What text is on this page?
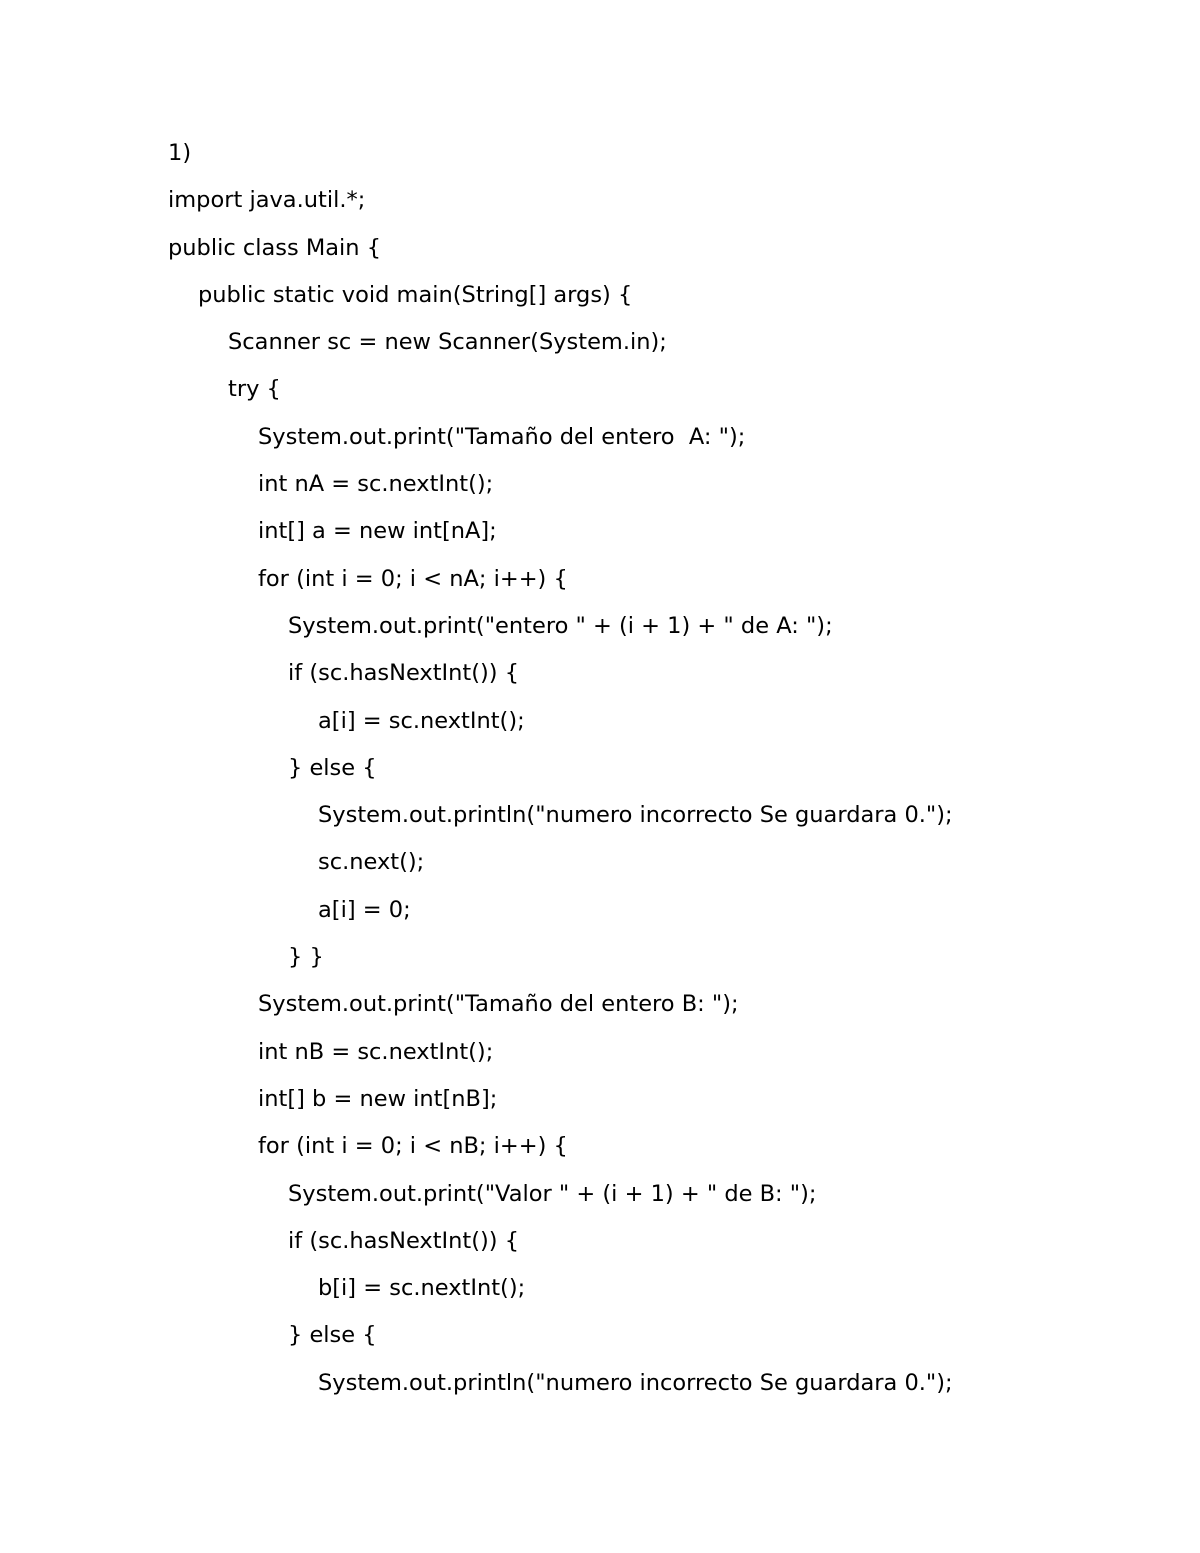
1)
import java.util.*;
public class Main {
public static void main(String[] args) {
Scanner sc = new Scanner(System.in);
try {
System.out.print("Tamaño del entero  A: ");
int nA = sc.nextInt();
int[] a = new int[nA];
for (int i = 0; i < nA; i++) {
System.out.print("entero " + (i + 1) + " de A: ");
if (sc.hasNextInt()) {
a[i] = sc.nextInt();
} else {
System.out.println("numero incorrecto Se guardara 0.");
sc.next();
a[i] = 0;
} }
System.out.print("Tamaño del entero B: ");
int nB = sc.nextInt();
int[] b = new int[nB];
for (int i = 0; i < nB; i++) {
System.out.print("Valor " + (i + 1) + " de B: ");
if (sc.hasNextInt()) {
b[i] = sc.nextInt();
} else {
System.out.println("numero incorrecto Se guardara 0.");
